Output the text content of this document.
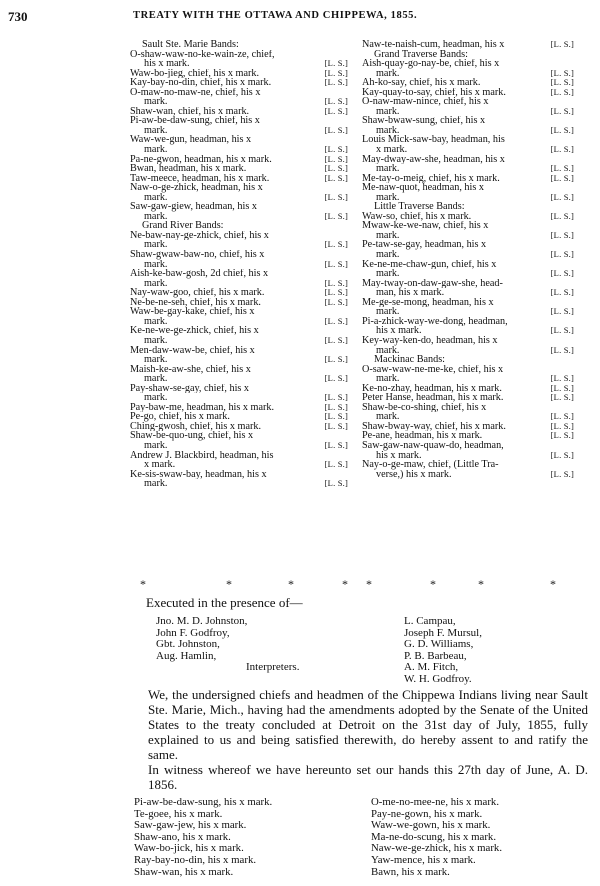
730	TREATY WITH THE OTTAWA AND CHIPPEWA, 1855.
Sault Ste. Marie Bands:
O-shaw-waw-no-ke-wain-ze, chief,
his x mark.	[L. S.]
Waw-bo-jieg, chief, his x mark.	[L. S.]
Kay-bay-no-din, chief, his x mark.	[L. S.]
O-maw-no-maw-ne, chief, his x
mark.	[L. S.]
Shaw-wan, chief, his x mark.	[L. S.]
Pi-aw-be-daw-sung, chief, his x
mark.	[L. S.]
Waw-we-gun, headman, his x
mark.	[L. S.]
Pa-ne-gwon, headman, his x mark.	[L. S.]
Bwan, headman, his x mark.	[L. S.]
Taw-meece, headman, his x mark.	[L. S.]
Naw-o-ge-zhick, headman, his x
mark.	[L. S.]
Saw-gaw-giew, headman, his x
mark.	[L. S.]
Grand River Bands:
Ne-baw-nay-ge-zhick, chief, his x
mark.	[L. S.]
Shaw-gwaw-baw-no, chief, his x
mark.	[L. S.]
Aish-ke-baw-gosh, 2d chief, his x
mark.	[L. S.]
Nay-waw-goo, chief, his x mark.	[L. S.]
Ne-be-ne-seh, chief, his x mark.	[L. S.]
Waw-be-gay-kake, chief, his x
mark.	[L. S.]
Ke-ne-we-ge-zhick, chief, his x
mark.	[L. S.]
Men-daw-waw-be, chief, his x
mark.	[L. S.]
Maish-ke-aw-she, chief, his x
mark.	[L. S.]
Pay-shaw-se-gay, chief, his x
mark.	[L. S.]
Pay-baw-me, headman, his x mark.	[L. S.]
Pe-go, chief, his x mark.	[L. S.]
Ching-gwosh, chief, his x mark.	[L. S.]
Shaw-be-quo-ung, chief, his x
mark.	[L. S.]
Andrew J. Blackbird, headman, his
x mark.	[L. S.]
Ke-sis-swaw-bay, headman, his x
mark.	[L. S.]
Naw-te-naish-cum, headman, his x	[L. S.]
Grand Traverse Bands:
Aish-quay-go-nay-be, chief, his x
mark.	[L. S.]
Ah-ko-say, chief, his x mark.	[L. S.]
Kay-quay-to-say, chief, his x mark.	[L. S.]
O-naw-maw-nince, chief, his x
mark.	[L. S.]
Shaw-bwaw-sung, chief, his x
mark.	[L. S.]
Louis Mick-saw-bay, headman, his
x mark.	[L. S.]
May-dway-aw-she, headman, his x
mark.	[L. S.]
Me-tay-o-meig, chief, his x mark.	[L. S.]
Me-naw-quot, headman, his x
mark.	[L. S.]
Little Traverse Bands:
Waw-so, chief, his x mark.	[L. S.]
Mwaw-ke-we-naw, chief, his x
mark.	[L. S.]
Pe-taw-se-gay, headman, his x
mark.	[L. S.]
Ke-ne-me-chaw-gun, chief, his x
mark.	[L. S.]
May-tway-on-daw-gaw-she, head-
man, his x mark.	[L. S.]
Me-ge-se-mong, headman, his x
mark.	[L. S.]
Pi-a-zhick-way-we-dong, headman,
his x mark.	[L. S.]
Key-way-ken-do, headman, his x
mark.	[L. S.]
Mackinac Bands:
O-saw-waw-ne-me-ke, chief, his x
mark.	[L. S.]
Ke-no-zhay, headman, his x mark.	[L. S.]
Peter Hanse, headman, his x mark.	[L. S.]
Shaw-be-co-shing, chief, his x
mark.	[L. S.]
Shaw-bway-way, chief, his x mark.	[L. S.]
Pe-ane, headman, his x mark.	[L. S.]
Saw-gaw-naw-quaw-do, headman,
his x mark.	[L. S.]
Nay-o-ge-maw, chief, (Little Tra-
verse,) his x mark.	[L. S.]
*	*	*	* *	*	*	*
Executed in the presence of—
Jno. M. D. Johnston,
John F. Godfroy,
Gbt. Johnston,
Aug. Hamlin,
Interpreters.
L. Campau,
Joseph F. Mursul,
G. D. Williams,
P. B. Barbeau,
A. M. Fitch,
W. H. Godfroy.

We, the undersigned chiefs and headmen of the Chippewa Indians living near Sault Ste. Marie, Mich., having had the amendments adopted by the Senate of the United States to the treaty concluded at Detroit on the 31st day of July, 1855, fully explained to us and being satisfied therewith, do hereby assent to and ratify the same.

In witness whereof we have hereunto set our hands this 27th day of June, A. D. 1856.

Pi-aw-be-daw-sung, his x mark.
Te-goee, his x mark.
Saw-gaw-jew, his x mark.
Shaw-ano, his x mark.
Waw-bo-jick, his x mark.
Ray-bay-no-din, his x mark.
Shaw-wan, his x mark.
O-me-no-mee-ne, his x mark.
Pay-ne-gown, his x mark.
Waw-we-gown, his x mark.
Ma-ne-do-scung, his x mark.
Naw-we-ge-zhick, his x mark.
Yaw-mence, his x mark.
Bawn, his x mark.
